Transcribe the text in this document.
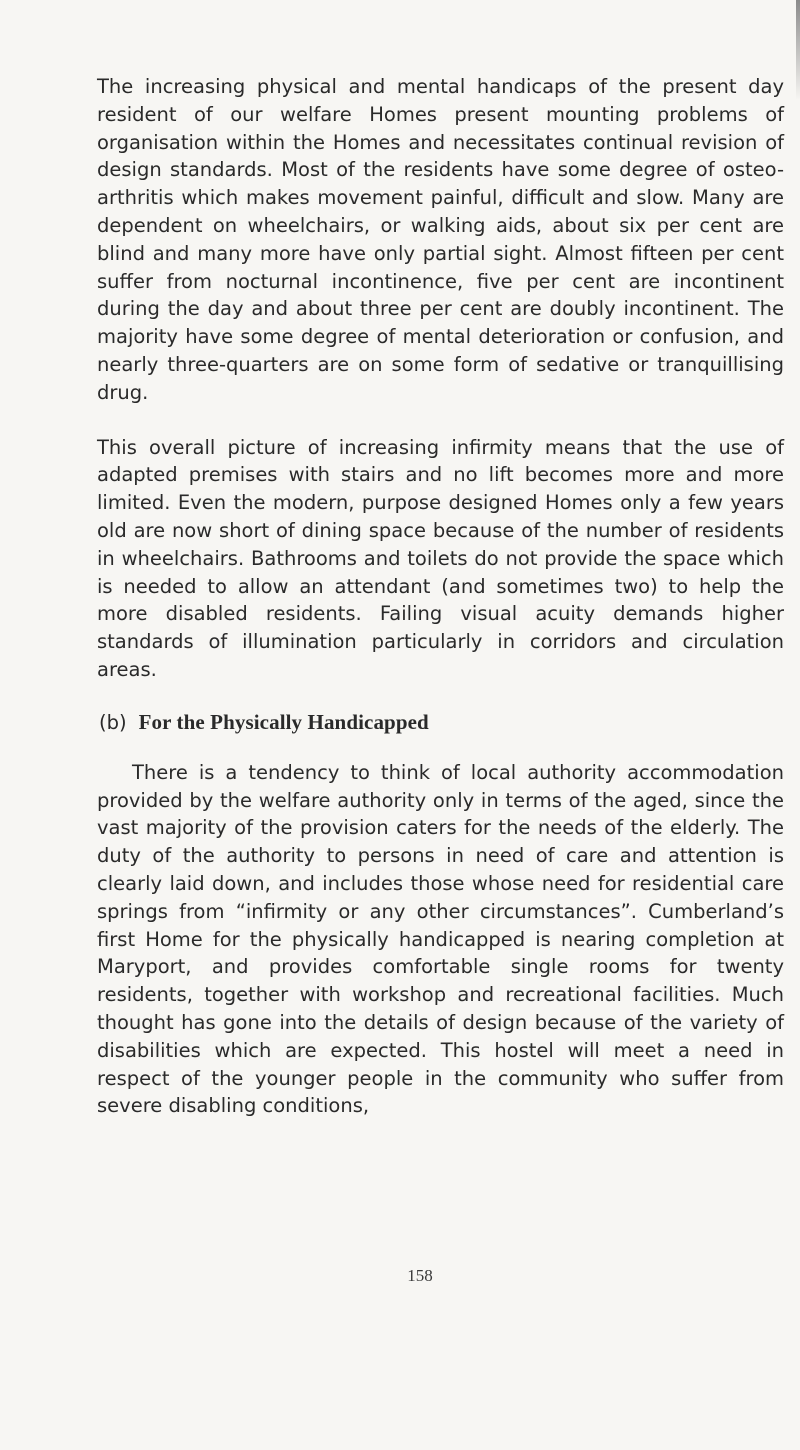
The increasing physical and mental handicaps of the present day resident of our welfare Homes present mounting problems of organisation within the Homes and necessitates continual revision of design standards. Most of the residents have some degree of osteo-arthritis which makes movement painful, difficult and slow. Many are dependent on wheelchairs, or walking aids, about six per cent are blind and many more have only partial sight. Almost fifteen per cent suffer from nocturnal incontinence, five per cent are incontinent during the day and about three per cent are doubly incontinent. The majority have some degree of mental deterioration or confusion, and nearly three-quarters are on some form of sedative or tranquillising drug.

This overall picture of increasing infirmity means that the use of adapted premises with stairs and no lift becomes more and more limited. Even the modern, purpose designed Homes only a few years old are now short of dining space because of the number of residents in wheelchairs. Bathrooms and toilets do not provide the space which is needed to allow an attendant (and sometimes two) to help the more disabled residents. Failing visual acuity demands higher standards of illumination particularly in corridors and circulation areas.

(b) For the Physically Handicapped

There is a tendency to think of local authority accommodation provided by the welfare authority only in terms of the aged, since the vast majority of the provision caters for the needs of the elderly. The duty of the authority to persons in need of care and attention is clearly laid down, and includes those whose need for residential care springs from “infirmity or any other circumstances”. Cumberland’s first Home for the physically handicapped is nearing completion at Maryport, and provides comfortable single rooms for twenty residents, together with workshop and recreational facilities. Much thought has gone into the details of design because of the variety of disabilities which are expected. This hostel will meet a need in respect of the younger people in the community who suffer from severe disabling conditions,

158
